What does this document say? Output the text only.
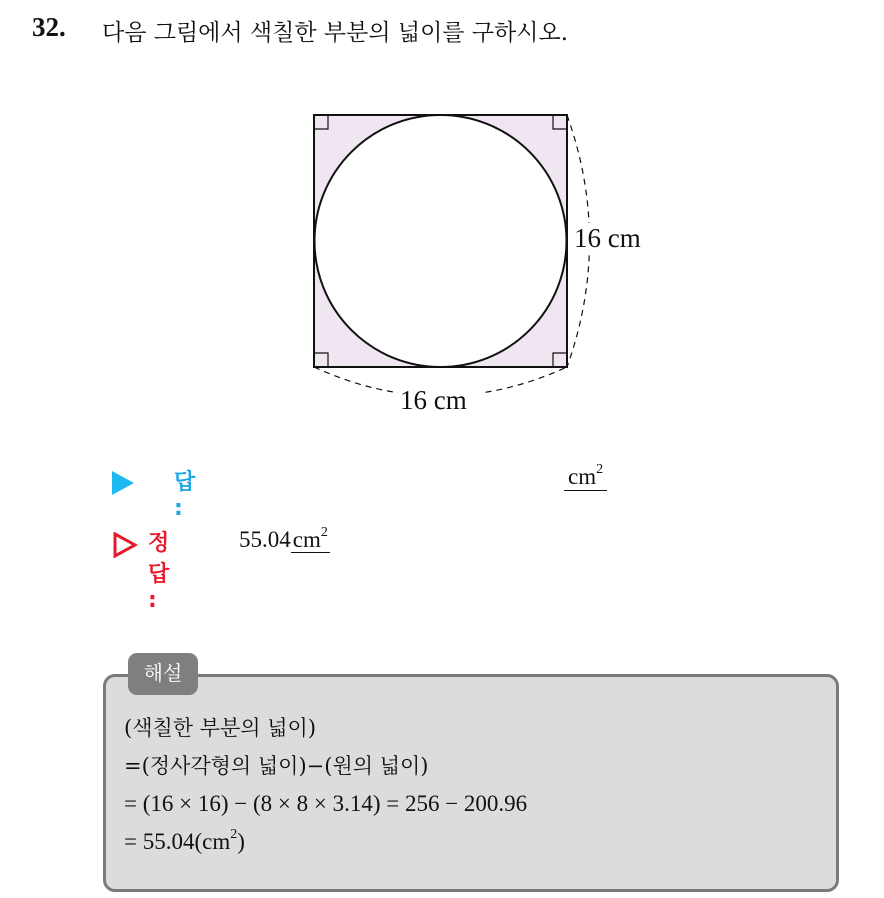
32. 다음 그림에서 색칠한 부분의 넓이를 구하시오.
16 cm
16 cm
답 :
$cm^2$
정답 :
$55.04cm^2$
해설
(색칠한 부분의 넓이)
=(정사각형의 넓이)−(원의 넓이)
= (16 × 16) − (8 × 8 × 3.14) = 256 − 200.96
= $55.04(cm^2)$
